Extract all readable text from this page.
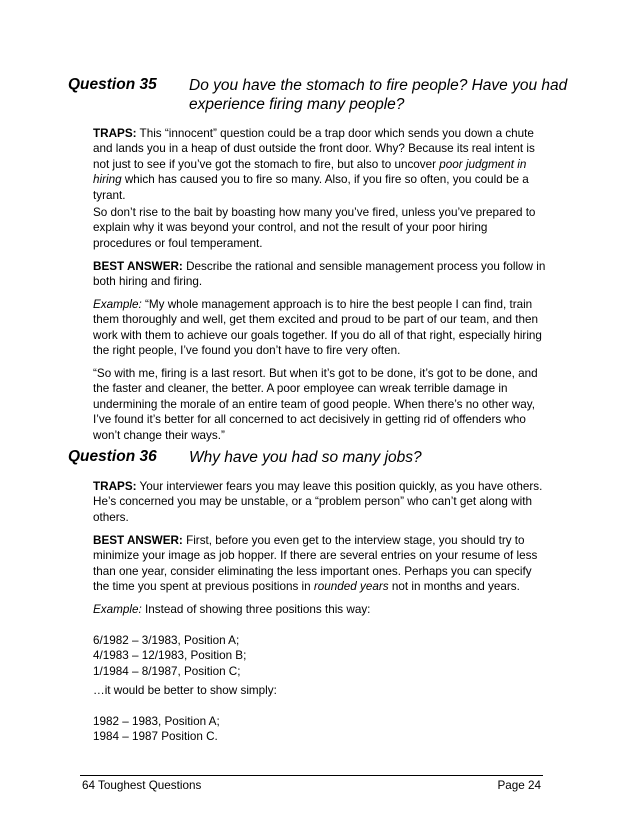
Question 35	Do you have the stomach to fire people? Have you had experience firing many people?

TRAPS: This “innocent” question could be a trap door which sends you down a chute and lands you in a heap of dust outside the front door. Why? Because its real intent is not just to see if you’ve got the stomach to fire, but also to uncover poor judgment in hiring which has caused you to fire so many. Also, if you fire so often, you could be a tyrant.

So don’t rise to the bait by boasting how many you’ve fired, unless you’ve prepared to explain why it was beyond your control, and not the result of your poor hiring procedures or foul temperament.

BEST ANSWER: Describe the rational and sensible management process you follow in both hiring and firing.

Example: “My whole management approach is to hire the best people I can find, train them thoroughly and well, get them excited and proud to be part of our team, and then work with them to achieve our goals together. If you do all of that right, especially hiring the right people, I’ve found you don’t have to fire very often.

“So with me, firing is a last resort. But when it’s got to be done, it’s got to be done, and the faster and cleaner, the better. A poor employee can wreak terrible damage in undermining the morale of an entire team of good people. When there’s no other way, I’ve found it’s better for all concerned to act decisively in getting rid of offenders who won’t change their ways.”

Question 36	Why have you had so many jobs?

TRAPS: Your interviewer fears you may leave this position quickly, as you have others. He’s concerned you may be unstable, or a “problem person” who can’t get along with others.

BEST ANSWER: First, before you even get to the interview stage, you should try to minimize your image as job hopper. If there are several entries on your resume of less than one year, consider eliminating the less important ones. Perhaps you can specify the time you spent at previous positions in rounded years not in months and years.

Example: Instead of showing three positions this way:

6/1982 – 3/1983, Position A;

4/1983 – 12/1983, Position B;

1/1984 – 8/1987, Position C;

…it would be better to show simply:

1982 – 1983, Position A;

1984 – 1987 Position C.

64 Toughest Questions	Page 24
